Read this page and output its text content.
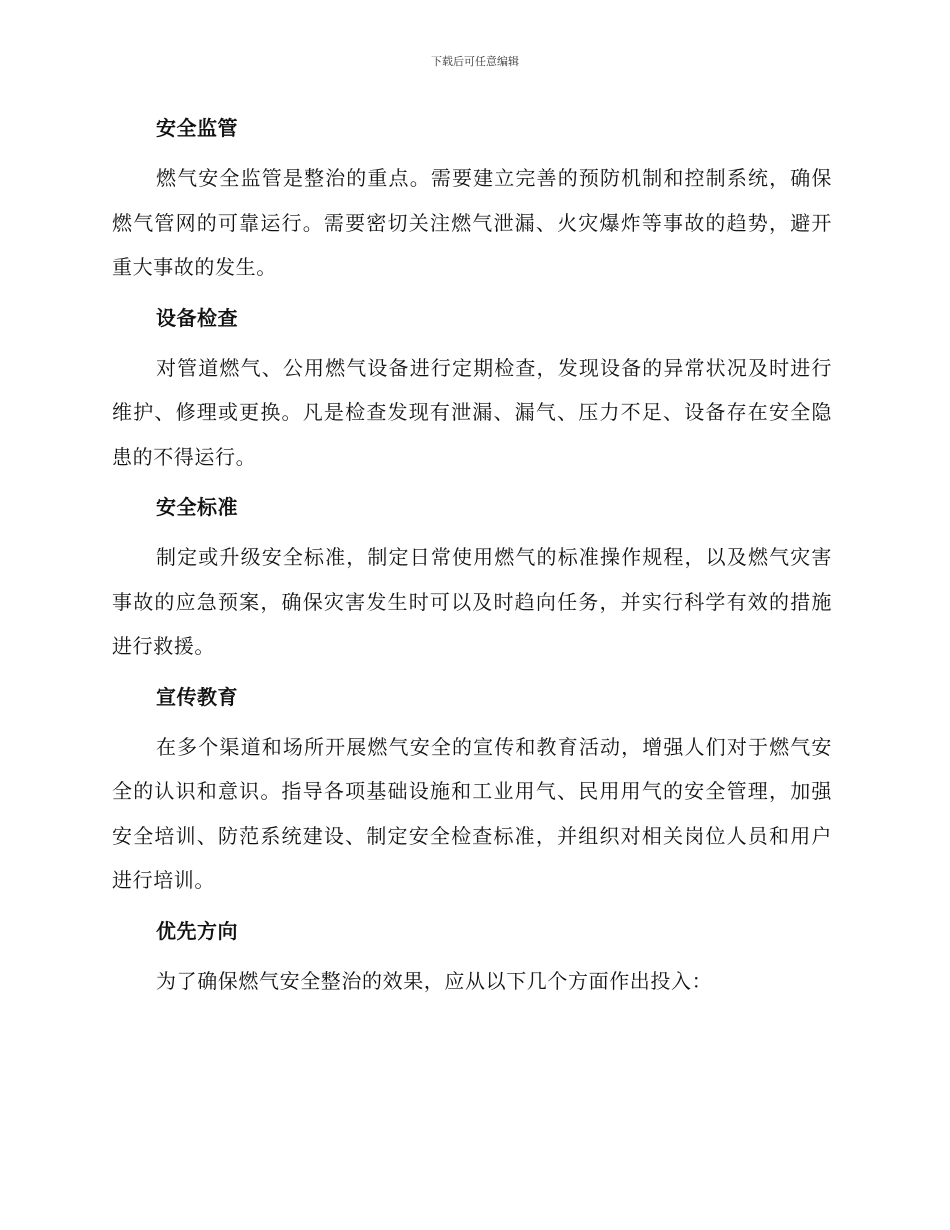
下载后可任意编辑
安全监管
燃气安全监管是整治的重点。需要建立完善的预防机制和控制系统，确保燃气管网的可靠运行。需要密切关注燃气泄漏、火灾爆炸等事故的趋势，避开重大事故的发生。
设备检查
对管道燃气、公用燃气设备进行定期检查，发现设备的异常状况及时进行维护、修理或更换。凡是检查发现有泄漏、漏气、压力不足、设备存在安全隐患的不得运行。
安全标准
制定或升级安全标准，制定日常使用燃气的标准操作规程，以及燃气灾害事故的应急预案，确保灾害发生时可以及时趋向任务，并实行科学有效的措施进行救援。
宣传教育
在多个渠道和场所开展燃气安全的宣传和教育活动，增强人们对于燃气安全的认识和意识。指导各项基础设施和工业用气、民用用气的安全管理，加强安全培训、防范系统建设、制定安全检查标准，并组织对相关岗位人员和用户进行培训。
优先方向
为了确保燃气安全整治的效果，应从以下几个方面作出投入：
